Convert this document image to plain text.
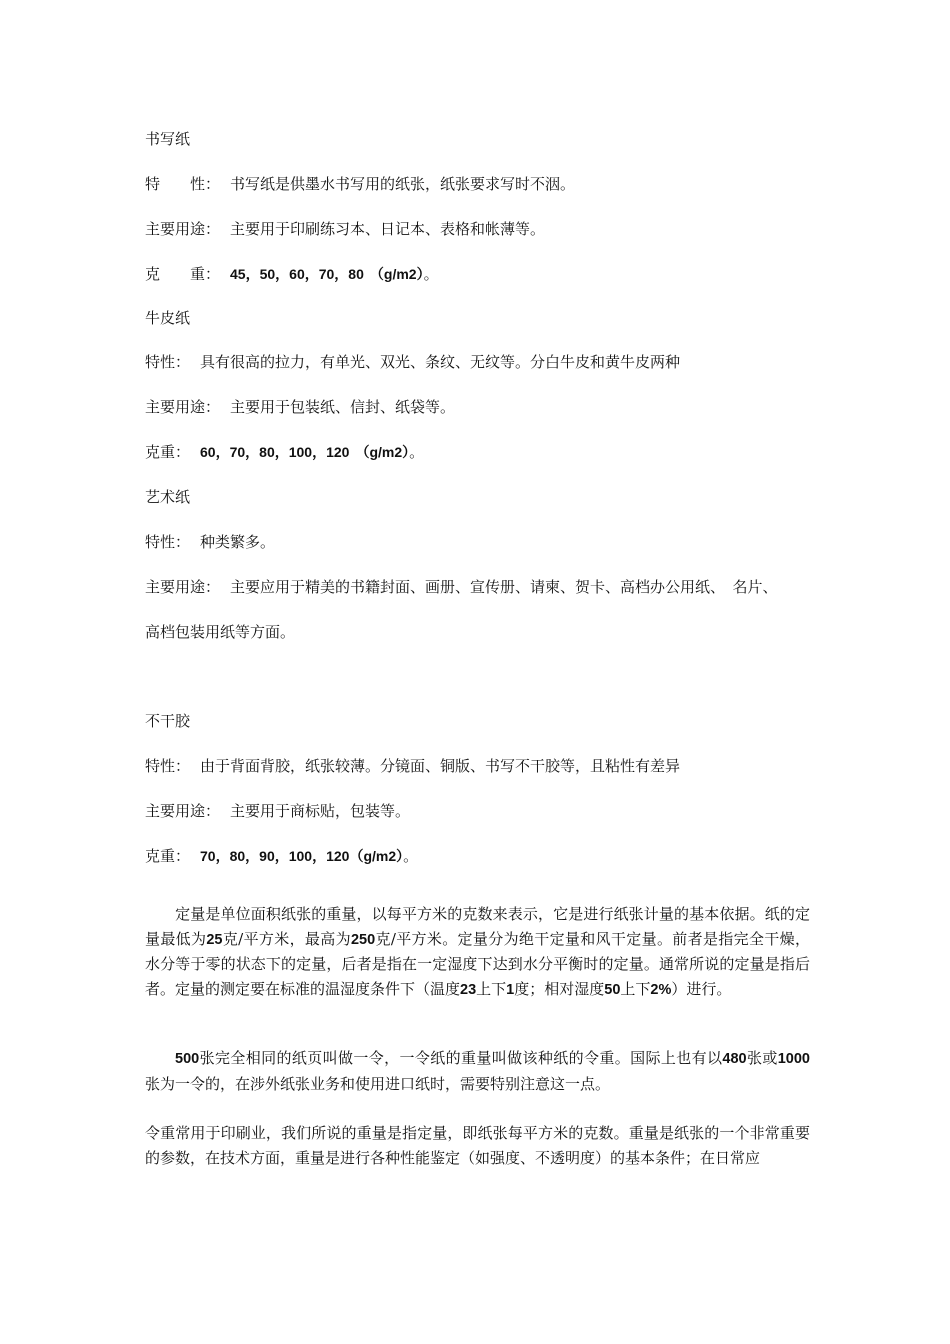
书写纸
特　　性： 书写纸是供墨水书写用的纸张，纸张要求写时不洇。
主要用途： 主要用于印刷练习本、日记本、表格和帐薄等。
克　　重： 45，50，60，70，80 （g/m2）。
牛皮纸
特性： 具有很高的拉力，有单光、双光、条纹、无纹等。分白牛皮和黄牛皮两种
主要用途： 主要用于包装纸、信封、纸袋等。
克重： 60，70，80，100，120 （g/m2）。
艺术纸
特性： 种类繁多。
主要用途： 主要应用于精美的书籍封面、画册、宣传册、请柬、贺卡、高档办公用纸、　名片、
高档包装用纸等方面。
不干胶
特性： 由于背面背胶，纸张较薄。分镜面、铜版、书写不干胶等，且粘性有差异
主要用途： 主要用于商标贴，包装等。
克重： 70，80，90，100，120（g/m2）。
定量是单位面积纸张的重量，以每平方米的克数来表示，它是进行纸张计量的基本依据。纸的定量最低为25克/平方米，最高为250克/平方米。定量分为绝干定量和风干定量。前者是指完全干燥，水分等于零的状态下的定量，后者是指在一定湿度下达到水分平衡时的定量。通常所说的定量是指后者。定量的测定要在标准的温湿度条件下（温度23上下1度；相对湿度50上下2%）进行。
500张完全相同的纸页叫做一令，一令纸的重量叫做该种纸的令重。国际上也有以480张或1000张为一令的，在涉外纸张业务和使用进口纸时，需要特别注意这一点。
令重常用于印刷业，我们所说的重量是指定量，即纸张每平方米的克数。重量是纸张的一个非常重要的参数，在技术方面，重量是进行各种性能鉴定（如强度、不透明度）的基本条件；在日常应
